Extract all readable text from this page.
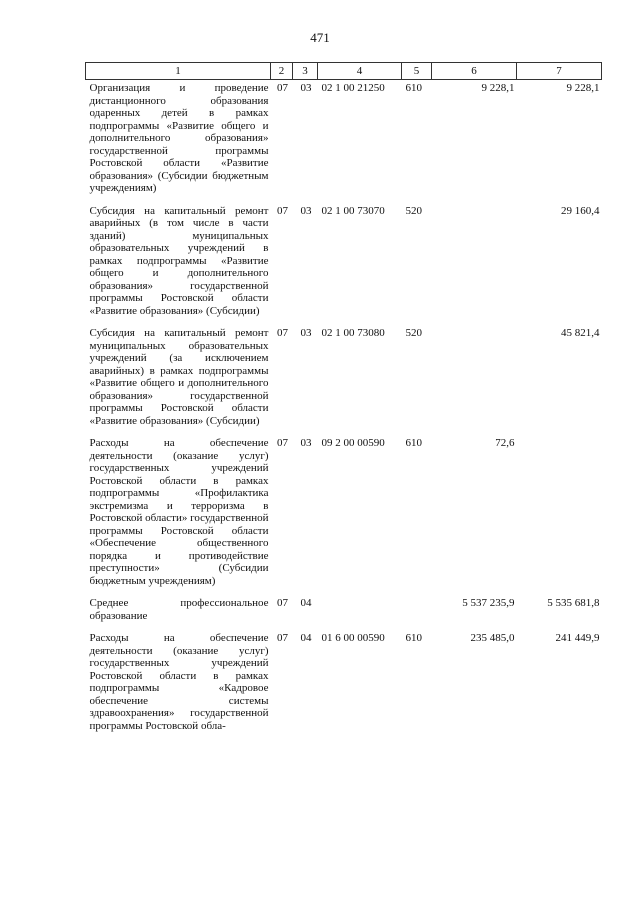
471
1	2	3	4	5	6	7
Организация и проведение дистанционного образования одаренных детей в рамках подпрограммы «Развитие общего и дополнительного образования» государственной программы Ростовской области «Развитие образования» (Субсидии бюджетным учреждениям)	07	03	02 1 00 21250	610	9 228,1	9 228,1
Субсидия на капитальный ремонт аварийных (в том числе в части зданий) муниципальных образовательных учреждений в рамках подпрограммы «Развитие общего и дополнительного образования» государственной программы Ростовской области «Развитие образования» (Субсидии)	07	03	02 1 00 73070	520		29 160,4
Субсидия на капитальный ремонт муниципальных образовательных учреждений (за исключением аварийных) в рамках подпрограммы «Развитие общего и дополнительного образования» государственной программы Ростовской области «Развитие образования» (Субсидии)	07	03	02 1 00 73080	520		45 821,4
Расходы на обеспечение деятельности (оказание услуг) государственных учреждений Ростовской области в рамках подпрограммы «Профилактика экстремизма и терроризма в Ростовской области» государственной программы Ростовской области «Обеспечение общественного порядка и противодействие преступности» (Субсидии бюджетным учреждениям)	07	03	09 2 00 00590	610	72,6	
Среднее профессиональное образование	07	04			5 537 235,9	5 535 681,8
Расходы на обеспечение деятельности (оказание услуг) государственных учреждений Ростовской области в рамках подпрограммы «Кадровое обеспечение системы здравоохранения» государственной программы Ростовской обла-	07	04	01 6 00 00590	610	235 485,0	241 449,9
